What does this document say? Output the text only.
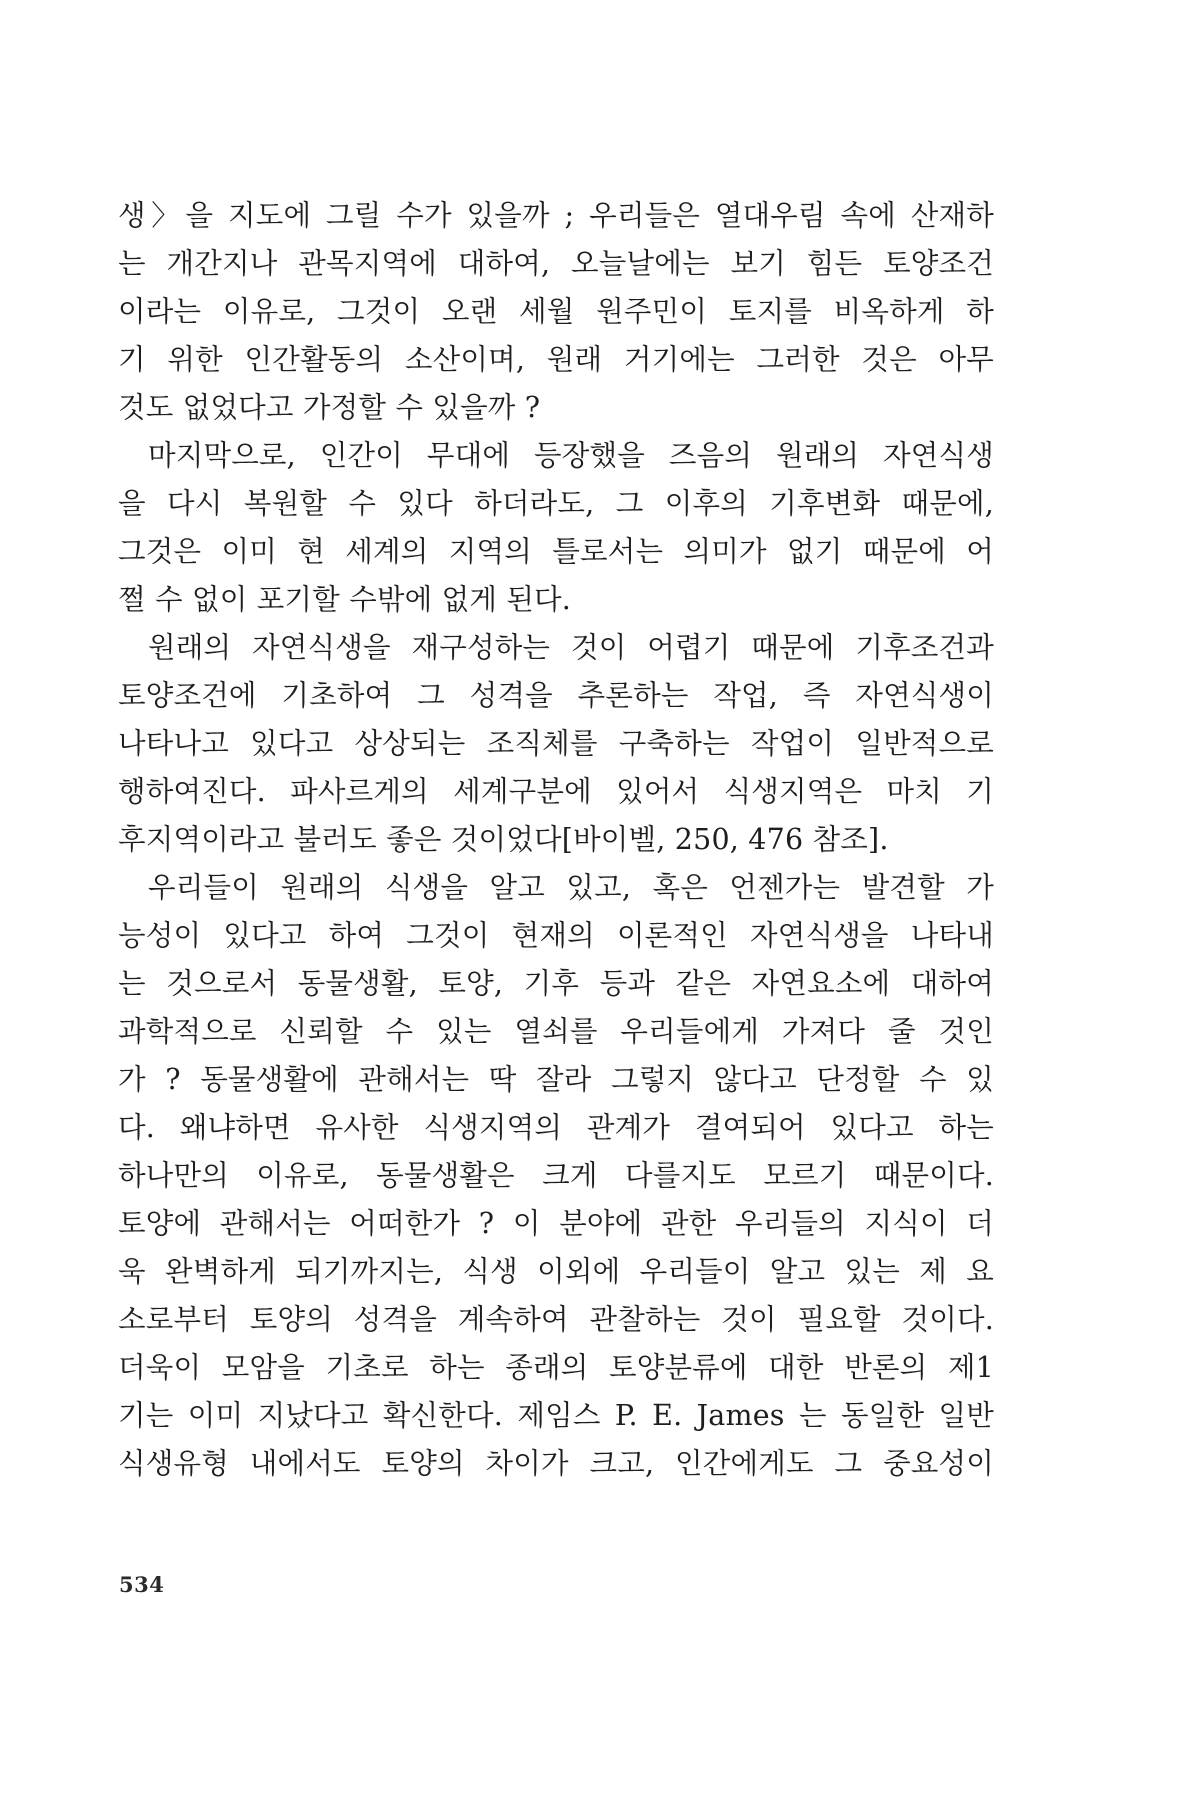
생〉을 지도에 그릴 수가 있을까 ; 우리들은 열대우림 속에 산재하
는 개간지나 관목지역에 대하여, 오늘날에는 보기 힘든 토양조건
이라는 이유로, 그것이 오랜 세월 원주민이 토지를 비옥하게 하
기 위한 인간활동의 소산이며, 원래 거기에는 그러한 것은 아무
것도 없었다고 가정할 수 있을까 ?
마지막으로, 인간이 무대에 등장했을 즈음의 원래의 자연식생
을 다시 복원할 수 있다 하더라도, 그 이후의 기후변화 때문에,
그것은 이미 현 세계의 지역의 틀로서는 의미가 없기 때문에 어
쩔 수 없이 포기할 수밖에 없게 된다.
원래의 자연식생을 재구성하는 것이 어렵기 때문에 기후조건과
토양조건에 기초하여 그 성격을 추론하는 작업, 즉 자연식생이
나타나고 있다고 상상되는 조직체를 구축하는 작업이 일반적으로
행하여진다. 파사르게의 세계구분에 있어서 식생지역은 마치 기
후지역이라고 불러도 좋은 것이었다[바이벨, 250, 476 참조].
우리들이 원래의 식생을 알고 있고, 혹은 언젠가는 발견할 가
능성이 있다고 하여 그것이 현재의 이론적인 자연식생을 나타내
는 것으로서 동물생활, 토양, 기후 등과 같은 자연요소에 대하여
과학적으로 신뢰할 수 있는 열쇠를 우리들에게 가져다 줄 것인
가 ? 동물생활에 관해서는 딱 잘라 그렇지 않다고 단정할 수 있
다. 왜냐하면 유사한 식생지역의 관계가 결여되어 있다고 하는
하나만의 이유로, 동물생활은 크게 다를지도 모르기 때문이다.
토양에 관해서는 어떠한가 ? 이 분야에 관한 우리들의 지식이 더
욱 완벽하게 되기까지는, 식생 이외에 우리들이 알고 있는 제 요
소로부터 토양의 성격을 계속하여 관찰하는 것이 필요할 것이다.
더욱이 모암을 기초로 하는 종래의 토양분류에 대한 반론의 제1
기는 이미 지났다고 확신한다. 제임스 P. E. James 는 동일한 일반
식생유형 내에서도 토양의 차이가 크고, 인간에게도 그 중요성이
534
